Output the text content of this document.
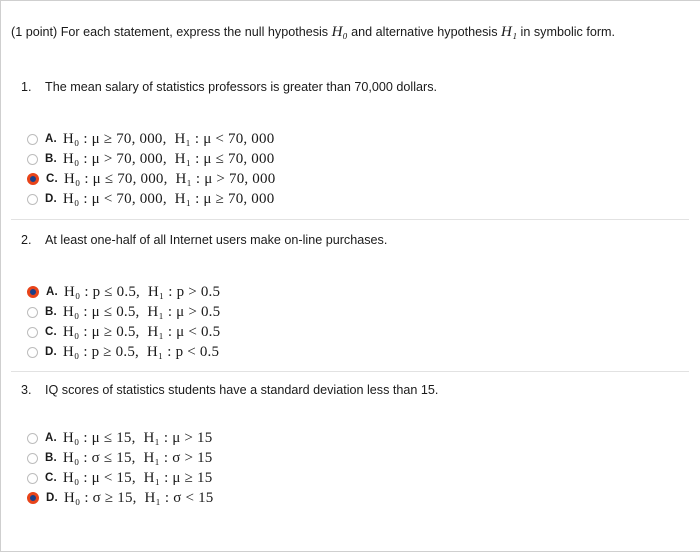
(1 point) For each statement, express the null hypothesis H₀ and alternative hypothesis H₁ in symbolic form.
1. The mean salary of statistics professors is greater than 70,000 dollars.
A. H₀ : μ ≥ 70, 000,  H₁ : μ < 70, 000
B. H₀ : μ > 70, 000,  H₁ : μ ≤ 70, 000
C. H₀ : μ ≤ 70, 000,  H₁ : μ > 70, 000
D. H₀ : μ < 70, 000,  H₁ : μ ≥ 70, 000
2. At least one-half of all Internet users make on-line purchases.
A. H₀ : p ≤ 0.5,  H₁ : p > 0.5
B. H₀ : μ ≤ 0.5,  H₁ : μ > 0.5
C. H₀ : μ ≥ 0.5,  H₁ : μ < 0.5
D. H₀ : p ≥ 0.5,  H₁ : p < 0.5
3. IQ scores of statistics students have a standard deviation less than 15.
A. H₀ : μ ≤ 15,  H₁ : μ > 15
B. H₀ : σ ≤ 15,  H₁ : σ > 15
C. H₀ : μ < 15,  H₁ : μ ≥ 15
D. H₀ : σ ≥ 15,  H₁ : σ < 15
